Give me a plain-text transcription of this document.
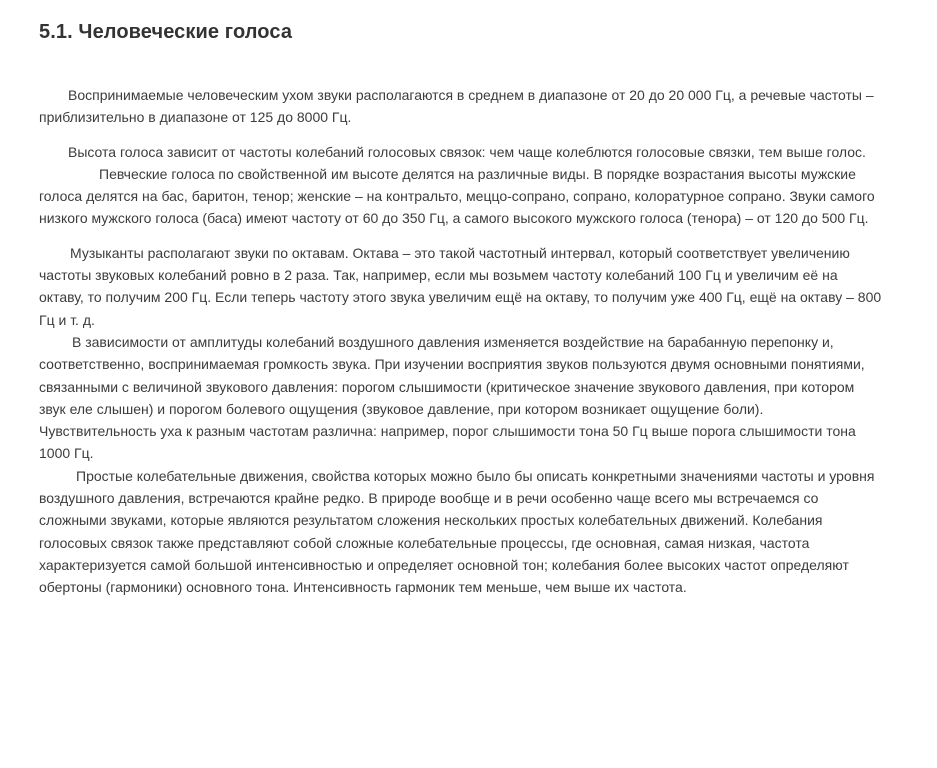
5.1. Человеческие голоса

Воспринимаемые человеческим ухом звуки располагаются в среднем в диапазоне от 20 до 20 000 Гц, а речевые частоты – приблизительно в диапазоне от 125 до 8000 Гц.

Высота голоса зависит от частоты колебаний голосовых связок: чем чаще колеблются голосовые связки, тем выше голос.

Певческие голоса по свойственной им высоте делятся на различные виды. В порядке возрастания высоты мужские голоса делятся на бас, баритон, тенор; женские – на контральто, меццо-сопрано, сопрано, колоратурное сопрано. Звуки самого низкого мужского голоса (баса) имеют частоту от 60 до 350 Гц, а самого высокого мужского голоса (тенора) – от 120 до 500 Гц.

Музыканты располагают звуки по октавам. Октава – это такой частотный интервал, который соответствует увеличению частоты звуковых колебаний ровно в 2 раза. Так, например, если мы возьмем частоту колебаний 100 Гц и увеличим её на октаву, то получим 200 Гц. Если теперь частоту этого звука увеличим ещё на октаву, то получим уже 400 Гц, ещё на октаву – 800 Гц и т. д.

В зависимости от амплитуды колебаний воздушного давления изменяется воздействие на барабанную перепонку и, соответственно, воспринимаемая громкость звука. При изучении восприятия звуков пользуются двумя основными понятиями, связанными с величиной звукового давления: порогом слышимости (критическое значение звукового давления, при котором звук еле слышен) и порогом болевого ощущения (звуковое давление, при котором возникает ощущение боли). Чувствительность уха к разным частотам различна: например, порог слышимости тона 50 Гц выше порога слышимости тона 1000 Гц.

Простые колебательные движения, свойства которых можно было бы описать конкретными значениями частоты и уровня воздушного давления, встречаются крайне редко. В природе вообще и в речи особенно чаще всего мы встречаемся со сложными звуками, которые являются результатом сложения нескольких простых колебательных движений. Колебания голосовых связок также представляют собой сложные колебательные процессы, где основная, самая низкая, частота характеризуется самой большой интенсивностью и определяет основной тон; колебания более высоких частот определяют обертоны (гармоники) основного тона. Интенсивность гармоник тем меньше, чем выше их частота.
